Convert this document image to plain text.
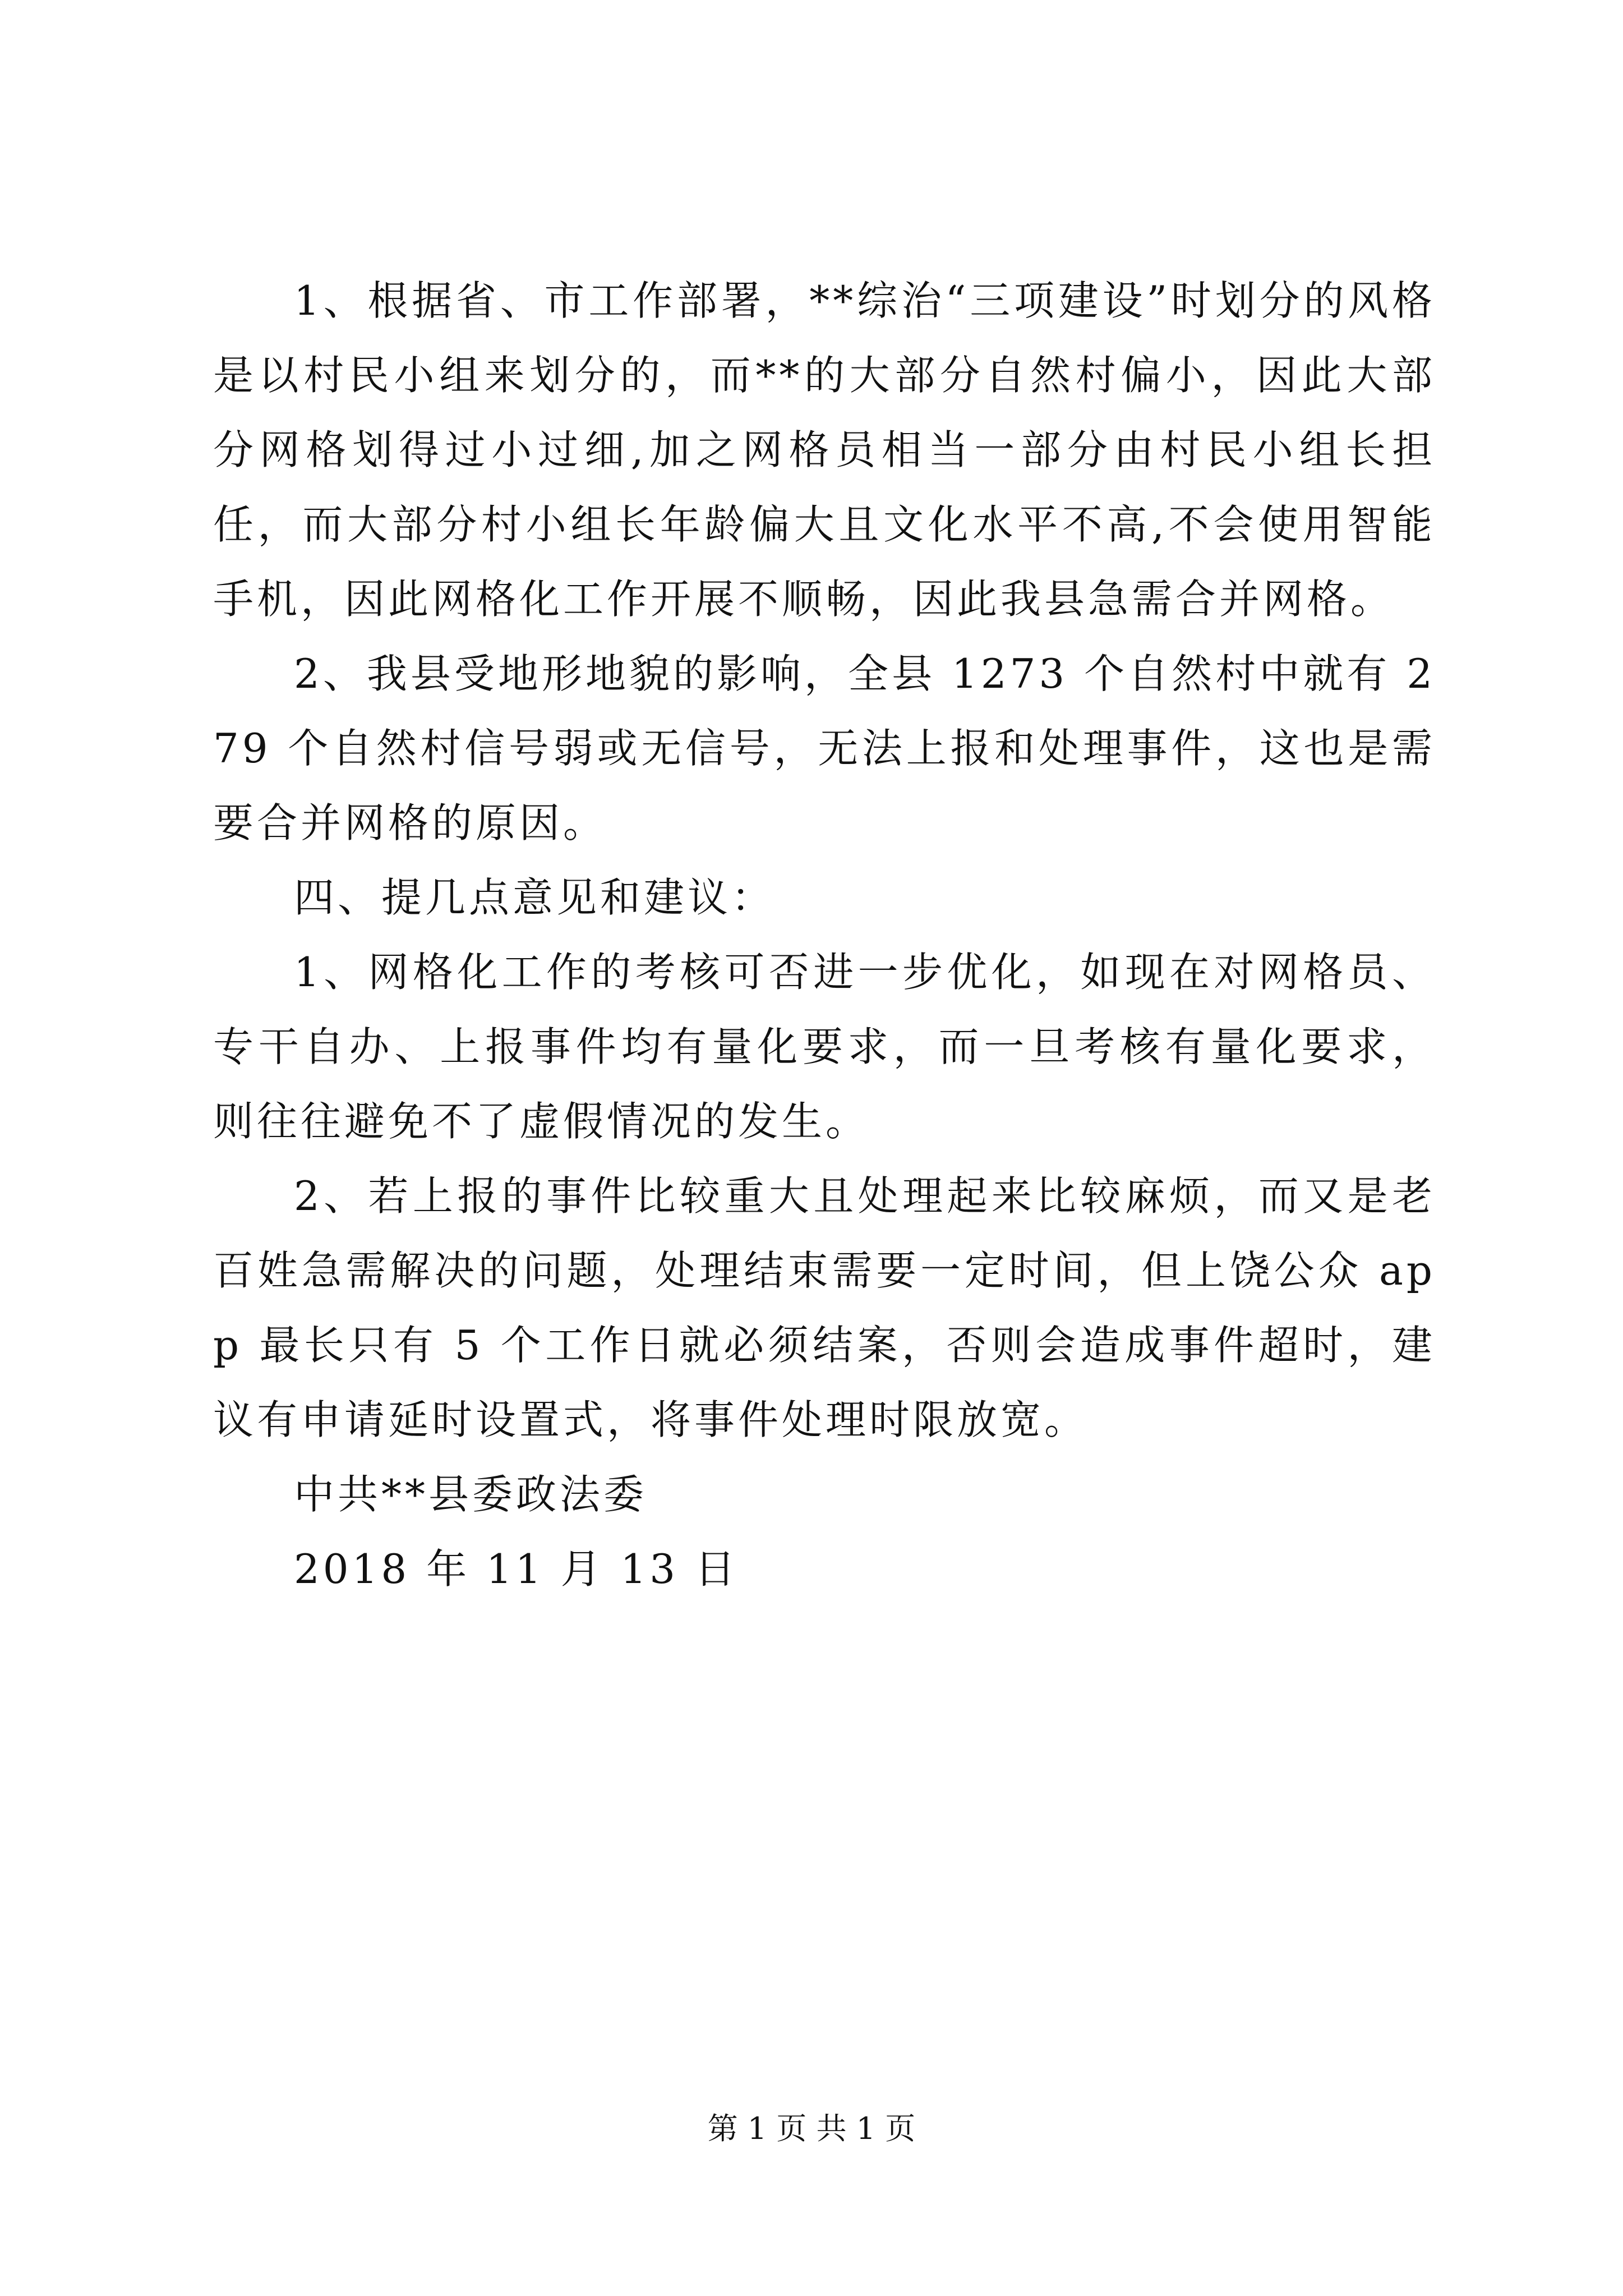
1、根据省、市工作部署，**综治“三项建设”时划分的风格是以村民小组来划分的，而**的大部分自然村偏小，因此大部分网格划得过小过细,加之网格员相当一部分由村民小组长担任，而大部分村小组长年龄偏大且文化水平不高,不会使用智能手机，因此网格化工作开展不顺畅，因此我县急需合并网格。

2、我县受地形地貌的影响，全县 1273 个自然村中就有 279 个自然村信号弱或无信号，无法上报和处理事件，这也是需要合并网格的原因。

四、提几点意见和建议：

1、网格化工作的考核可否进一步优化，如现在对网格员、专干自办、上报事件均有量化要求，而一旦考核有量化要求，则往往避免不了虚假情况的发生。

2、若上报的事件比较重大且处理起来比较麻烦，而又是老百姓急需解决的问题，处理结束需要一定时间，但上饶公众 app 最长只有 5 个工作日就必须结案，否则会造成事件超时，建议有申请延时设置式，将事件处理时限放宽。

中共**县委政法委

2018 年 11 月 13 日

第 1 页 共 1 页
